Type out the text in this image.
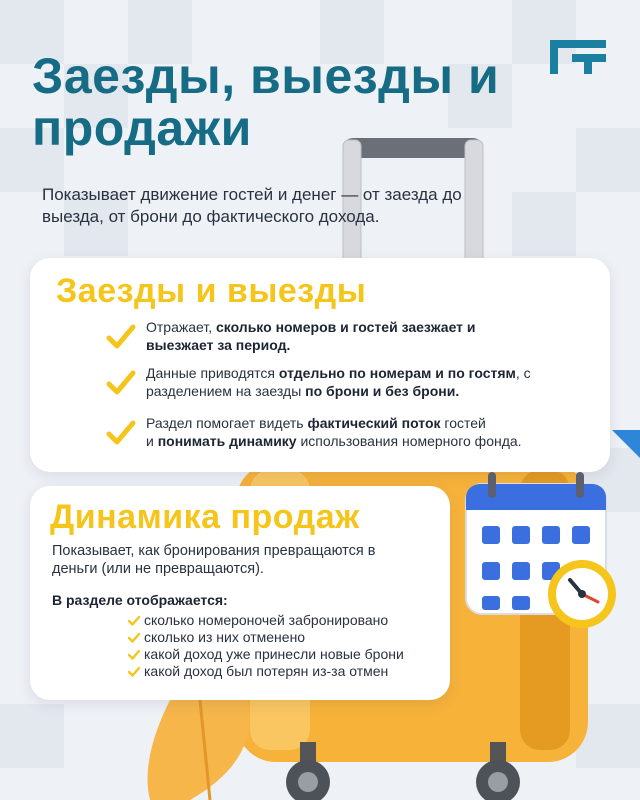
Заезды, выезды и
продажи

Показывает движение гостей и денег — от заезда до
выезда, от брони до фактического дохода.

Заезды и выезды
Отражает, сколько номеров и гостей заезжает и
выезжает за период.
Данные приводятся отдельно по номерам и по гостям, с
разделением на заезды по брони и без брони.
Раздел помогает видеть фактический поток гостей
и понимать динамику использования номерного фонда.
Динамика продаж
Показывает, как бронирования превращаются в
деньги (или не превращаются).
В разделе отображается:
сколько номероночей забронировано
сколько из них отменено
какой доход уже принесли новые брони
какой доход был потерян из-за отмен
